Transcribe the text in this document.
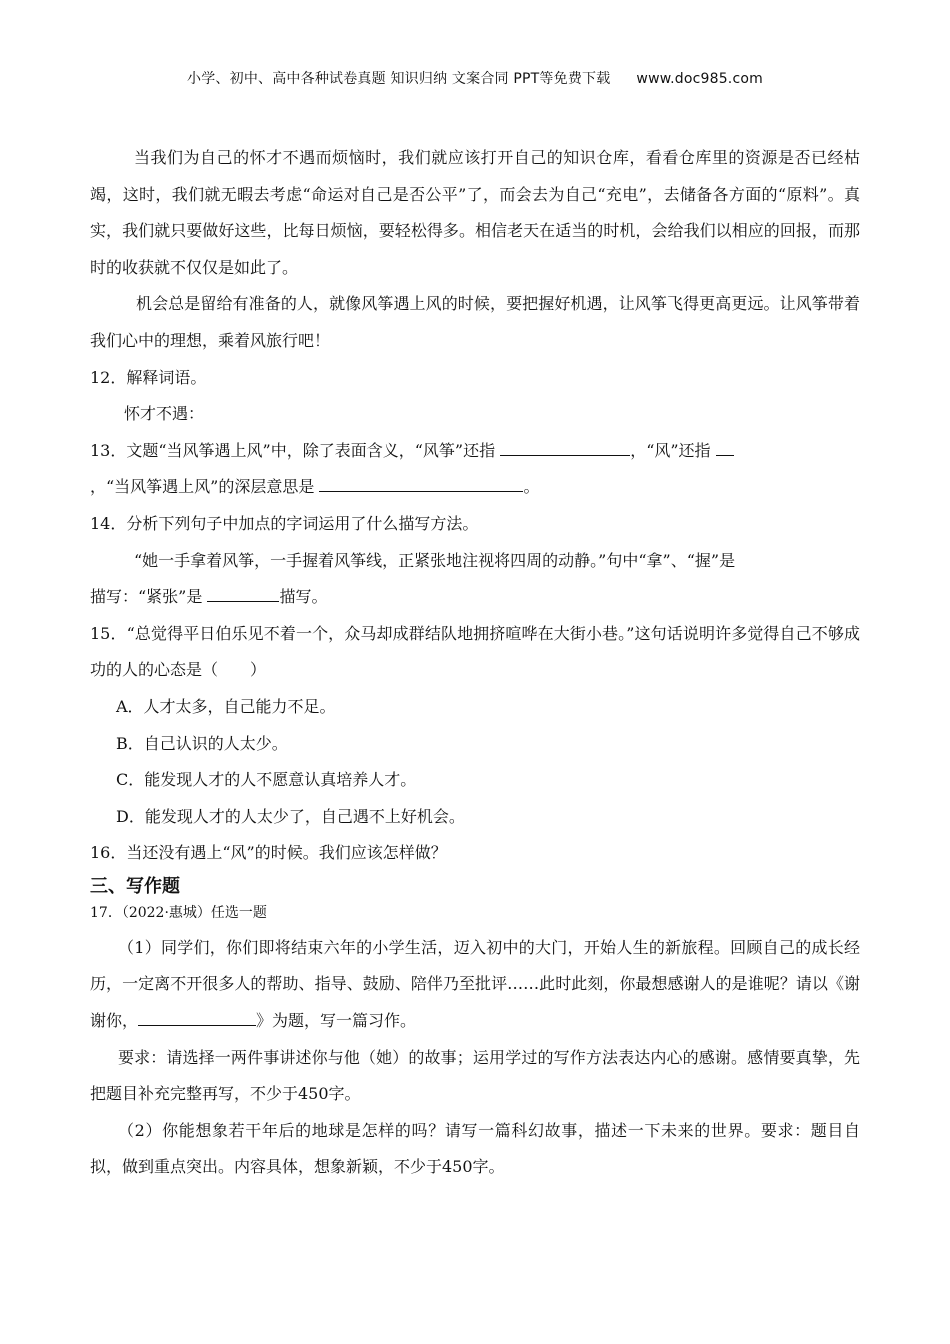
小学、初中、高中各种试卷真题 知识归纳 文案合同 PPT等免费下载 www.doc985.com

当我们为自己的怀才不遇而烦恼时，我们就应该打开自己的知识仓库，看看仓库里的资源是否已经枯竭，这时，我们就无暇去考虑“命运对自己是否公平”了，而会去为自己“充电”，去储备各方面的“原料”。真实，我们就只要做好这些，比每日烦恼，要轻松得多。相信老天在适当的时机，会给我们以相应的回报，而那时的收获就不仅仅是如此了。

机会总是留给有准备的人，就像风筝遇上风的时候，要把握好机遇，让风筝飞得更高更远。让风筝带着我们心中的理想，乘着风旅行吧！

12．解释词语。

怀才不遇：

13．文题“当风筝遇上风”中，除了表面含义，“风筝”还指	，“风”还指
，“当风筝遇上风”的深层意思是	。

14．分析下列句子中加点的字词运用了什么描写方法。

“她一手拿着风筝，一手握着风筝线，正紧张地注视将四周的动静。”句中“拿”、“握”是
描写：“紧张”是	描写。

15．“总觉得平日伯乐见不着一个，众马却成群结队地拥挤喧哗在大街小巷。”这句话说明许多觉得自己不够成功的人的心态是（　　）

A．人才太多，自己能力不足。

B．自己认识的人太少。

C．能发现人才的人不愿意认真培养人才。

D．能发现人才的人太少了，自己遇不上好机会。

16．当还没有遇上“风”的时候。我们应该怎样做？

三、写作题

17．（2022·惠城）任选一题

（1）同学们，你们即将结束六年的小学生活，迈入初中的大门，开始人生的新旅程。回顾自己的成长经历，一定离不开很多人的帮助、指导、鼓励、陪伴乃至批评……此时此刻，你最想感谢人的是谁呢？请以《谢谢你，	》为题，写一篇习作。

要求：请选择一两件事讲述你与他（她）的故事；运用学过的写作方法表达内心的感谢。感情要真挚，先把题目补充完整再写，不少于450字。

（2）你能想象若干年后的地球是怎样的吗？请写一篇科幻故事，描述一下未来的世界。要求：题目自拟，做到重点突出。内容具体，想象新颖，不少于450字。
